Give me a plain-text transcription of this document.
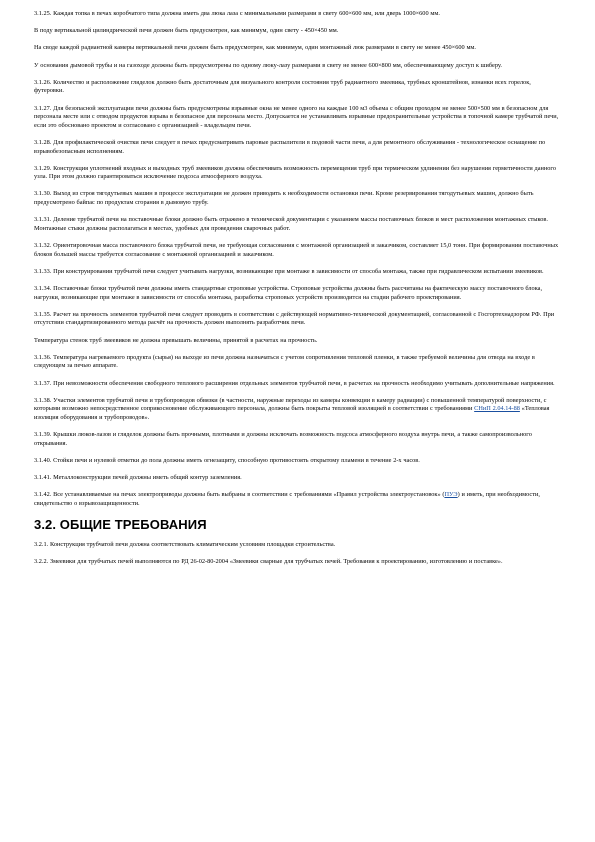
3.1.25. Каждая топка в печах коробчатого типа должна иметь два люка лаза с минимальными размерами в свету 600×600 мм, или дверь 1000×600 мм.

В поду вертикальной цилиндрической печи должен быть предусмотрен, как минимум, один свету - 450×450 мм.

На своде каждой радиантной камеры вертикальной печи должен быть предусмотрен, как минимум, один монтажный люк размерами в свету не менее 450×600 мм.

У основания дымовой трубы и на газоходе должны быть предусмотрены по одному люку-лазу размерами в свету не менее 600×800 мм, обеспечивающему доступ к шиберу.

3.1.26. Количество и расположение гляделок должно быть достаточным для визуального контроля состояния труб радиантного змеевика, трубных кронштейнов, изнанки всех горелок, футеровки.

3.1.27. Для безопасной эксплуатации печи должны быть предусмотрены взрывные окна не менее одного на каждые 100 м3 объема с общим проходом не менее 500×500 мм в безопасном для персонала месте или с отводом продуктов взрыва в безопасное для персонала место. Допускается не устанавливать взрывные предохранительные устройства в топочной камере трубчатой печи, если это обосновано проектом и согласовано с организацией - владельцем печи.

3.1.28. Для профилактической очистки печи следует в печах предусматривать паровые распылители в подовой части печи, а для ремонтного обслуживания - технологическое оснащение по взрывобезопасным исполнениям.

3.1.29. Конструкция уплотнений входных и выходных труб змеевиков должна обеспечивать возможность перемещения труб при термическом удлинении без нарушения герметичности данного узла. При этом должно гарантироваться исключение подсоса атмосферного воздуха.

3.1.30. Выход из строя тягодутьевых машин в процессе эксплуатации не должен приводить к необходимости остановки печи. Кроме резервирования тягодутьевых машин, должно быть предусмотрено байпас по продуктам сгорания в дымовую трубу.

3.1.31. Деление трубчатой печи на поставочные блоки должно быть отражено в технической документации с указанием массы поставочных блоков и мест расположения монтажных стыков. Монтажные стыки должны располагаться в местах, удобных для проведения сварочных работ.

3.1.32. Ориентировочная масса поставочного блока трубчатой печи, не требующая согласования с монтажной организацией и заказчиком, составляет 15,0 тонн. При формировании поставочных блоков большей массы требуется согласование с монтажной организацией и заказчиком.

3.1.33. При конструировании трубчатой печи следует учитывать нагрузки, возникающие при монтаже в зависимости от способа монтажа, также при гидравлическом испытании змеевиков.

3.1.34. Поставочные блоки трубчатой печи должны иметь стандартные строповые устройства. Строповые устройства должны быть рассчитаны на фактическую массу поставочного блока, нагрузки, возникающие при монтаже в зависимости от способа монтажа, разработка строповых устройств производится на стадии рабочего проектирования.

3.1.35. Расчет на прочность элементов трубчатой печи следует проводить в соответствии с действующей нормативно-технической документацией, согласованной с Госгортехнадзором РФ. При отсутствии стандартизированного метода расчёт на прочность должен выполнять разработчик печи.

Температура стенок труб змеевиков не должна превышать величины, принятой в расчетах на прочность.

3.1.36. Температура нагреваемого продукта (сырья) на выходе из печи должна назначаться с учетом сопротивления тепловой пленки, в также требуемой величины для отвода на входе в следующем за печью аппарате.

3.1.37. При невозможности обеспечения свободного теплового расширения отдельных элементов трубчатой печи, в расчетах на прочность необходимо учитывать дополнительные напряжения.

3.1.38. Участки элементов трубчатой печи и трубопроводов обвязки (в частности, наружные переходы из камеры конвекции в камеру радиации) с повышенной температурой поверхности, с которыми возможно непосредственное соприкосновение обслуживающего персонала, должны быть покрыты тепловой изоляцией в соответствии с требованиями СНиП 2.04.14-88 «Тепловая изоляция оборудования и трубопроводов».

3.1.39. Крышки люков-лазов и гляделок должны быть прочными, плотными и должны исключать возможность подсоса атмосферного воздуха внутрь печи, а также самопроизвольного открывания.

3.1.40. Стойки печи и нулевой отметки до пола должны иметь огнезащиту, способную противостоять открытому пламени в течение 2-х часов.

3.1.41. Металлоконструкции печей должны иметь общий контур заземления.

3.1.42. Все устанавливаемые на печах электроприводы должны быть выбраны в соответствии с требованиями «Правил устройства электроустановок» (ПУЭ) и иметь, при необходимости, свидетельство о взрывозащищенности.

3.2. ОБЩИЕ ТРЕБОВАНИЯ

3.2.1. Конструкция трубчатой печи должна соответствовать климатическим условиям площадки строительства.

3.2.2. Змеевики для трубчатых печей выполняются по РД 26-02-80-2004 «Змеевики сварные для трубчатых печей. Требования к проектированию, изготовлению и поставке».
